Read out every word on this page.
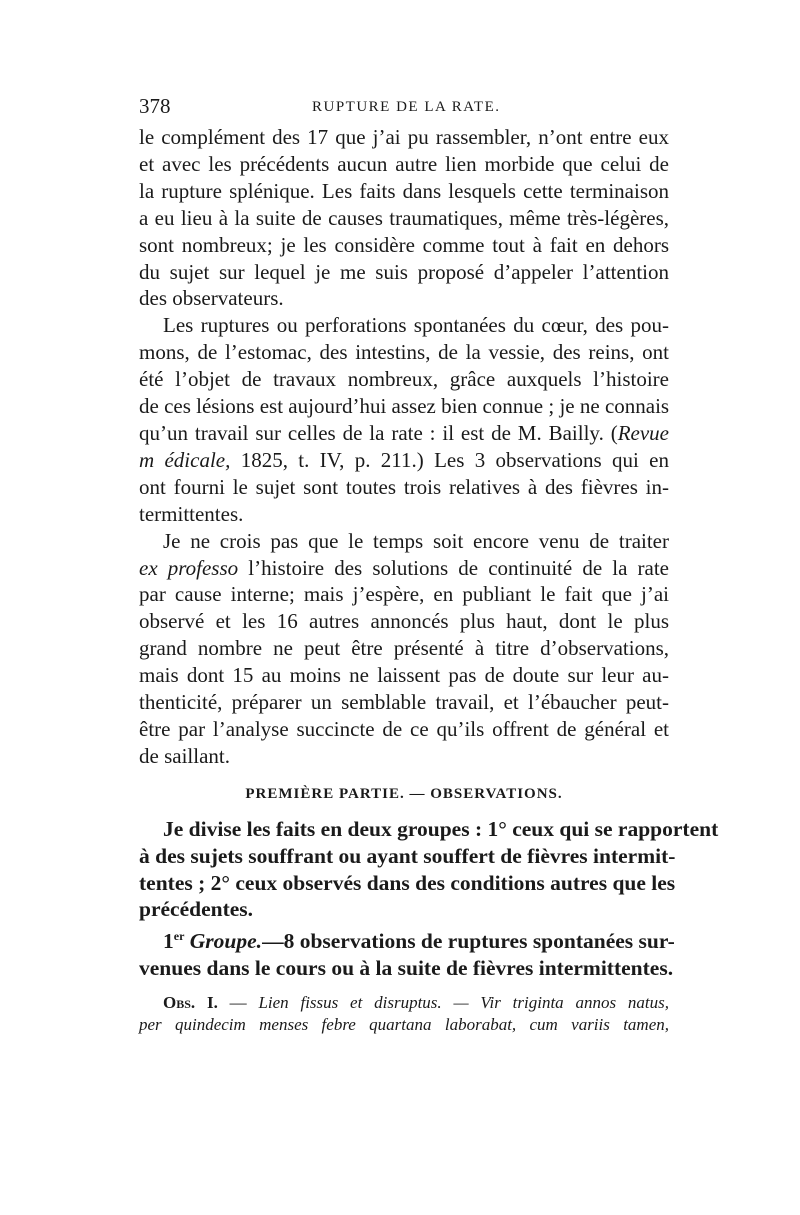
378	RUPTURE DE LA RATE.
le complément des 17 que j’ai pu rassembler, n’ont entre eux
et avec les précédents aucun autre lien morbide que celui de
la rupture splénique. Les faits dans lesquels cette terminaison
a eu lieu à la suite de causes traumatiques, même très-légères,
sont nombreux; je les considère comme tout à fait en dehors
du sujet sur lequel je me suis proposé d’appeler l’attention
des observateurs.
Les ruptures ou perforations spontanées du cœur, des pou-
mons, de l’estomac, des intestins, de la vessie, des reins, ont
été l’objet de travaux nombreux, grâce auxquels l’histoire
de ces lésions est aujourd’hui assez bien connue ; je ne connais
qu’un travail sur celles de la rate : il est de M. Bailly. (Revue
m édicale, 1825, t. IV, p. 211.) Les 3 observations qui en
ont fourni le sujet sont toutes trois relatives à des fièvres in-
termittentes.
Je ne crois pas que le temps soit encore venu de traiter
ex professo l’histoire des solutions de continuité de la rate
par cause interne; mais j’espère, en publiant le fait que j’ai
observé et les 16 autres annoncés plus haut, dont le plus
grand nombre ne peut être présenté à titre d’observations,
mais dont 15 au moins ne laissent pas de doute sur leur au-
thenticité, préparer un semblable travail, et l’ébaucher peut-
être par l’analyse succincte de ce qu’ils offrent de général et
de saillant.
PREMIÈRE PARTIE. — OBSERVATIONS.
Je divise les faits en deux groupes : 1° ceux qui se rapportent
à des sujets souffrant ou ayant souffert de fièvres intermit-
tentes ; 2° ceux observés dans des conditions autres que les
précédentes.
1er Groupe.—8 observations de ruptures spontanées sur-
venues dans le cours ou à la suite de fièvres intermittentes.
Obs. I. — Lien fissus et disruptus. — Vir triginta annos natus,
per quindecim menses febre quartana laborabat, cum variis tamen,
